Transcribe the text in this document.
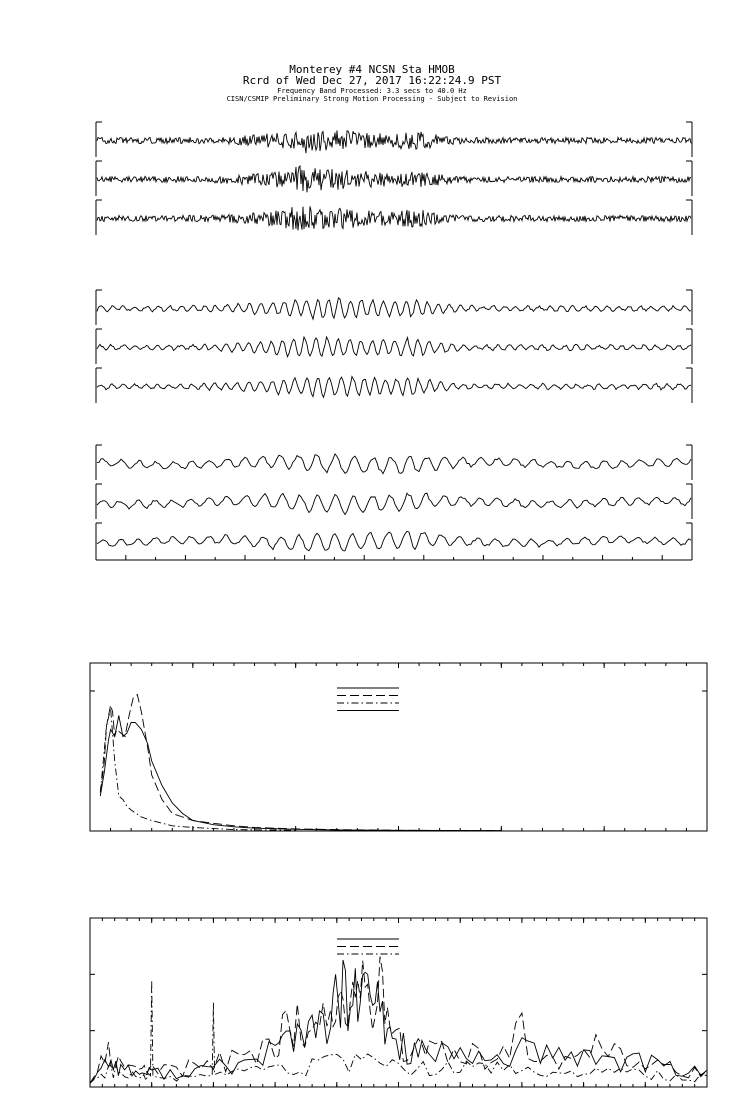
Monterey #4 NCSN Sta HMOB
Rcrd of Wed Dec 27, 2017 16:22:24.9 PST
Frequency Band Processed: 3.3 secs to 40.0 Hz
CISN/CSMIP Preliminary Strong Motion Processing - Subject to Revision
